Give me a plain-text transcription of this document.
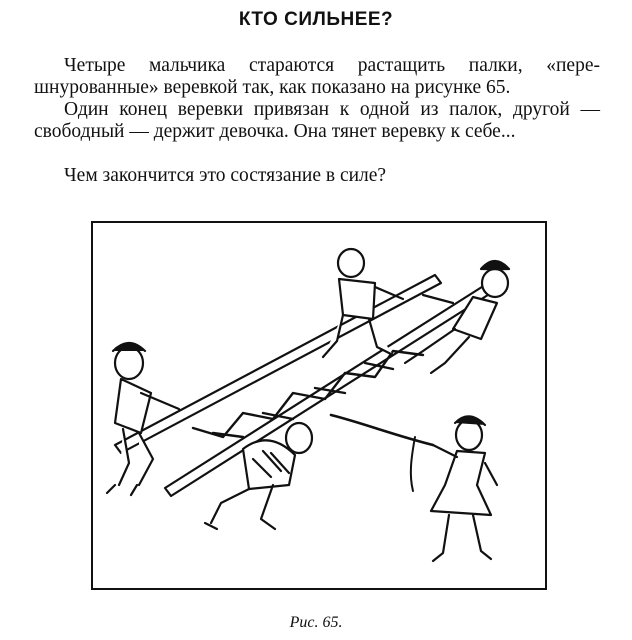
КТО СИЛЬНЕЕ?

Четыре мальчика стараются растащить палки, «пере-шнурованные» веревкой так, как показано на рисунке 65.

Один конец веревки привязан к одной из палок, другой — свободный — держит девочка. Она тянет веревку к себе...

Чем закончится это состязание в силе?

Рис. 65.
